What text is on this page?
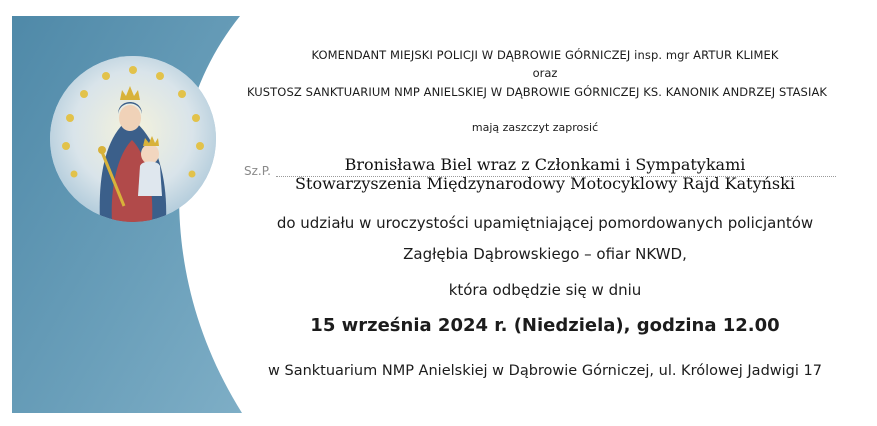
KOMENDANT MIEJSKI POLICJI W DĄBROWIE GÓRNICZEJ insp. mgr ARTUR KLIMEK
oraz
KUSTOSZ SANKTUARIUM NMP ANIELSKIEJ W DĄBROWIE GÓRNICZEJ KS. KANONIK ANDRZEJ STASIAK
mają zaszczyt zaprosić
Sz.P.	Bronisława Biel wraz z Członkami i Sympatykami
Stowarzyszenia Międzynarodowy Motocyklowy Rajd Katyński
do udziału w uroczystości upamiętniającej pomordowanych policjantów
Zagłębia Dąbrowskiego – ofiar NKWD,
która odbędzie się w dniu
15 września 2024 r. (Niedziela), godzina 12.00
w Sanktuarium NMP Anielskiej w Dąbrowie Górniczej, ul. Królowej Jadwigi 17
